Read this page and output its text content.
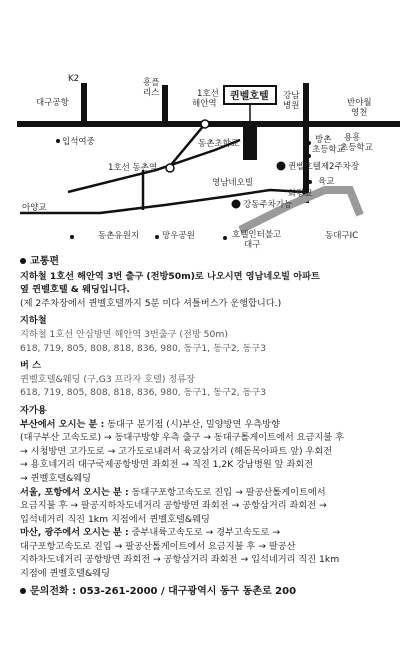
K2
대구공항
입석여중
흥플
리스	1호선
해안역
퀸벨호텔 강남
병원	반야월
영천
동촌초학교	방촌
초등학교
용흥
초등학교
1호선 동촌역	퀸벨호텔제2주차장
영남네오빌
화랑교
육교
아양교	강동주차가능
동촌유원지	망우공원	호텔인터불고
대구
동대구IC
교통편
지하철 1호선 해안역 3번 출구 (전방50m)로 나오시면 영남네오빌 아파트
옆 퀸벨호텔 & 웨딩입니다.
(제 2주차장에서 퀸벨호텔까지 5분 미다 셔틀버스가 운행합니다.)
지하철
지하철 1호선 안심방면 해안역 3번출구 (전방 50m)
618, 719, 805, 808, 818, 836, 980, 동구1, 동구2, 동구3
버 스
퀸벨호텔&웨딩 (구,G3 프라자 호텔) 정류장
618, 719, 805, 808, 818, 836, 980, 동구1, 동구2, 동구3
자가용
부산에서 오시는 분 : 동대구 분기점 (시)부산, 밀양방면 우측방향
(대구부산 고속도로) → 동대구방향 우측 출구 → 동대구톨게이트에서 요금지불 후
→ 시청방면 고가도로 → 고가도로내려서 육교삼거리 (해돋목아파트 앞) 우회전
→ 용호네거리 대구국제공항방면 좌회전 → 직진 1,2K 강남병원 앞 좌회전
→ 퀸벨호텔&웨딩
서울, 포항에서 오시는 분 : 동대구포항고속도로 진입 → 팔공산톨게이트에서
요금지불 후 → 팔공지하차도네거리 공항방면 좌회전 → 공항삼거리 좌회전 →
입석네거리 직진 1km 지점에서 퀸벨호텔&웨딩
마산, 광주에서 오시는 분 : 중부내륙고속도로 → 경부고속도로 →
대구포항고속도로 진입 → 팔공산톨게이트에서 요금지불 후 → 팔공산
지하차도네거리 공항방면 좌회전 → 공항삼거리 좌회전 → 입석네거리 직진 1km
지점에 퀸벨호텔&웨딩
문의전화 : 053-261-2000 / 대구광역시 동구 동촌로 200
